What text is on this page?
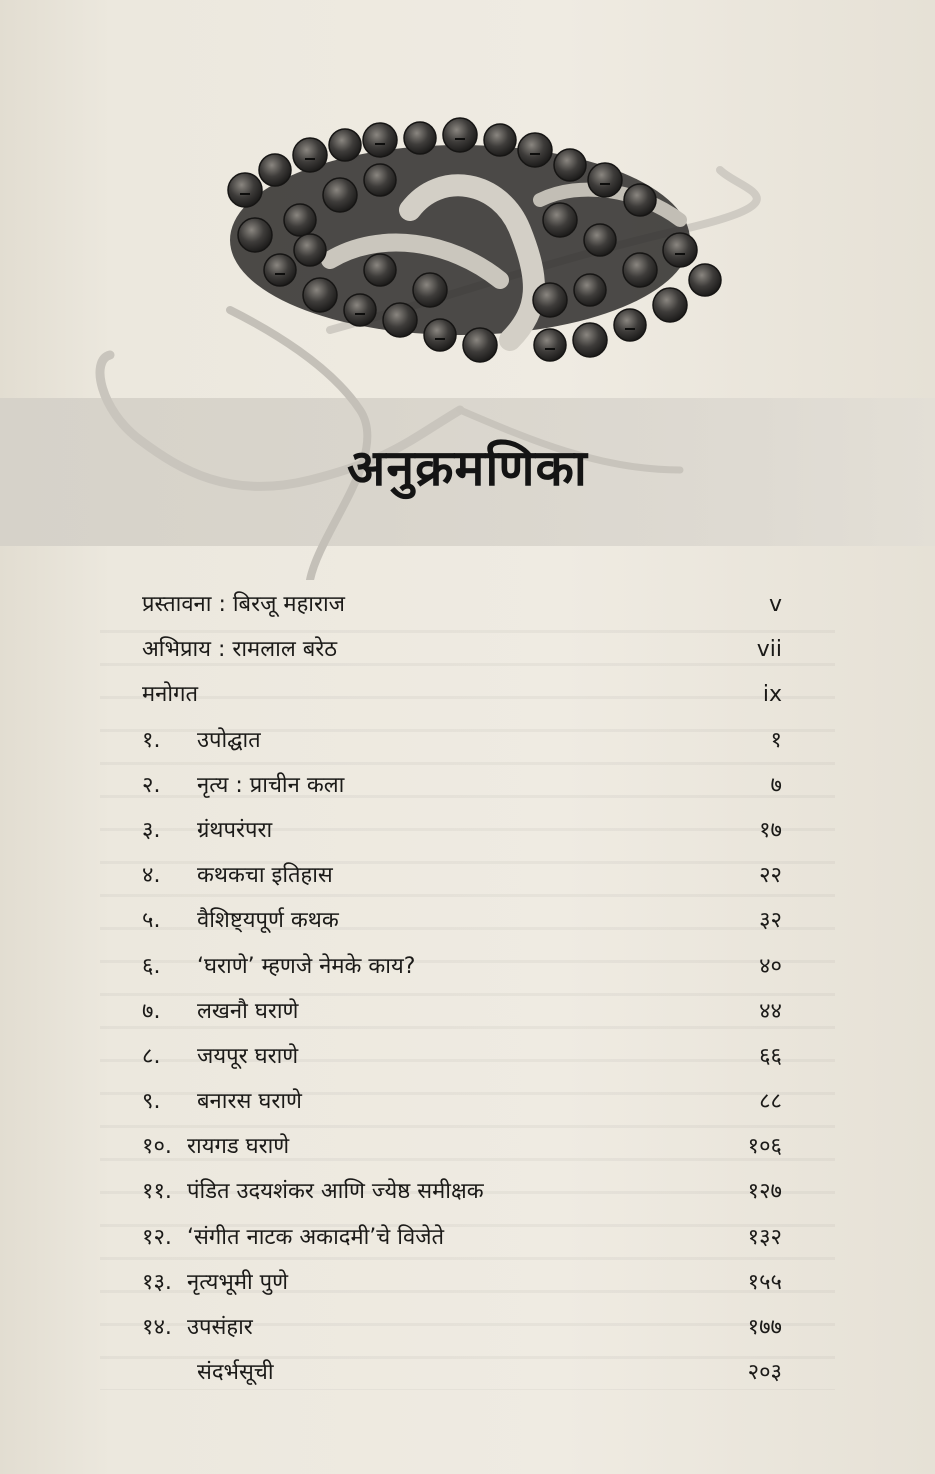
अनुक्रमणिका
प्रस्तावना : बिरजू महाराज	v
अभिप्राय : रामलाल बरेठ	vii
मनोगत	ix
१. उपोद्घात	१
२. नृत्य : प्राचीन कला	७
३. ग्रंथपरंपरा	१७
४. कथकचा इतिहास	२२
५. वैशिष्ट्यपूर्ण कथक	३२
६. ‘घराणे’ म्हणजे नेमके काय?	४०
७. लखनौ घराणे	४४
८. जयपूर घराणे	६६
९. बनारस घराणे	८८
१०. रायगड घराणे	१०६
११. पंडित उदयशंकर आणि ज्येष्ठ समीक्षक	१२७
१२. ‘संगीत नाटक अकादमी’चे विजेते	१३२
१३. नृत्यभूमी पुणे	१५५
१४. उपसंहार	१७७
संदर्भसूची	२०३
